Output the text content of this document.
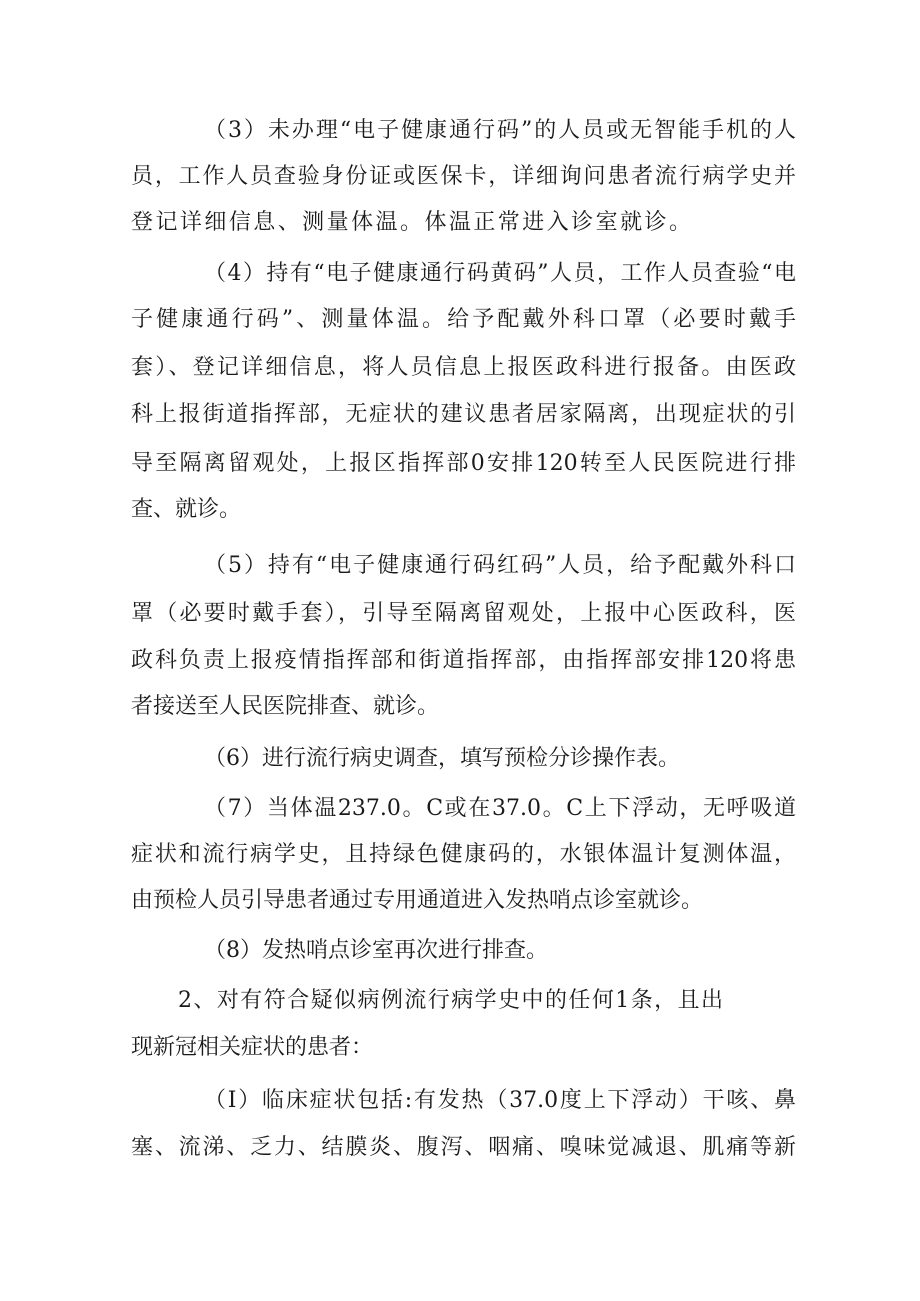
（3）未办理“电子健康通行码”的人员或无智能手机的人
员，工作人员查验身份证或医保卡，详细询问患者流行病学史并
登记详细信息、测量体温。体温正常进入诊室就诊。
（4）持有“电子健康通行码黄码”人员，工作人员查验“电
子健康通行码”、测量体温。给予配戴外科口罩（必要时戴手
套）、登记详细信息，将人员信息上报医政科进行报备。由医政
科上报街道指挥部，无症状的建议患者居家隔离，出现症状的引
导至隔离留观处，上报区指挥部0安排120转至人民医院进行排
查、就诊。
（5）持有“电子健康通行码红码”人员，给予配戴外科口
罩（必要时戴手套），引导至隔离留观处，上报中心医政科，医
政科负责上报疫情指挥部和街道指挥部，由指挥部安排120将患
者接送至人民医院排查、就诊。
（6）进行流行病史调查，填写预检分诊操作表。
（7）当体温237.0。C或在37.0。C上下浮动，无呼吸道
症状和流行病学史，且持绿色健康码的，水银体温计复测体温，
由预检人员引导患者通过专用通道进入发热哨点诊室就诊。
（8）发热哨点诊室再次进行排查。
2、对有符合疑似病例流行病学史中的任何1条，且出
现新冠相关症状的患者：
（I）临床症状包括:有发热（37.0度上下浮动）干咳、鼻
塞、流涕、乏力、结膜炎、腹泻、咽痛、嗅味觉减退、肌痛等新
